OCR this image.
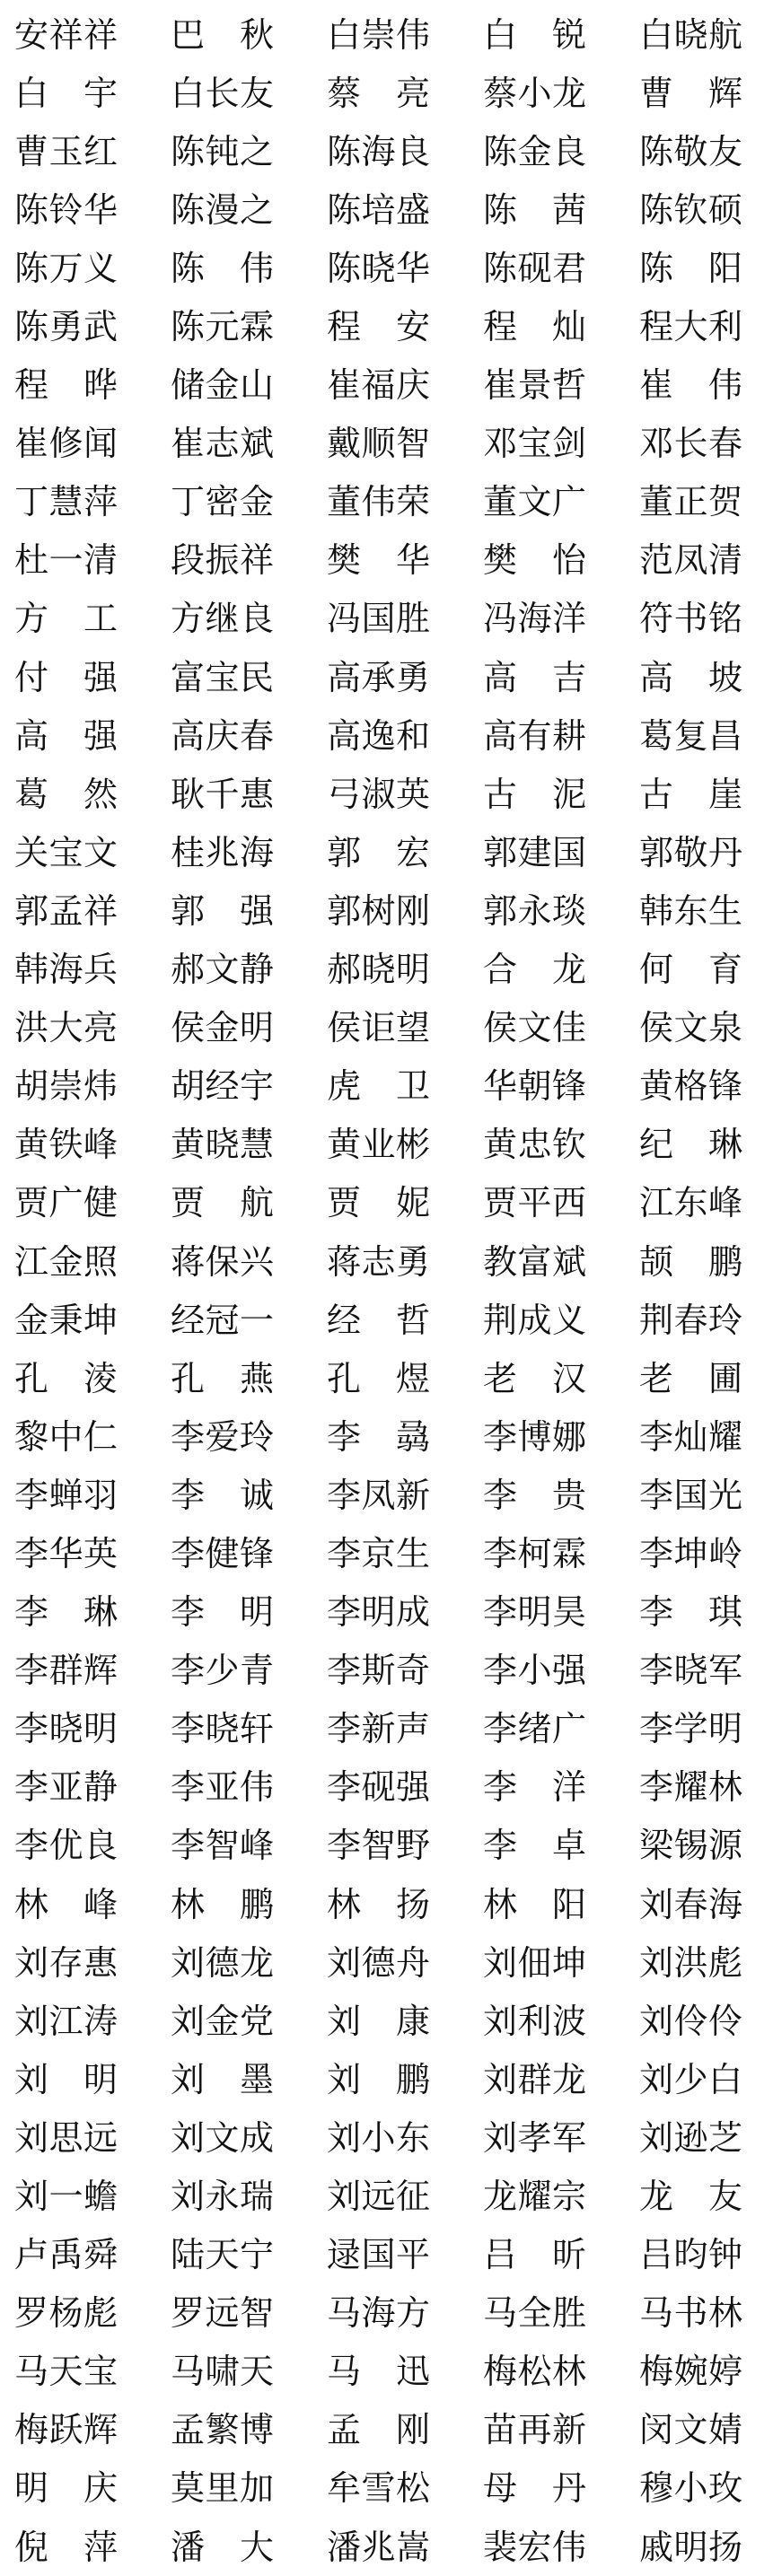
安祥祥	巴　秋	白崇伟	白　锐	白晓航
白　宇	白长友	蔡　亮	蔡小龙	曹　辉
曹玉红	陈钝之	陈海良	陈金良	陈敬友
陈铃华	陈漫之	陈培盛	陈　茜	陈钦硕
陈万义	陈　伟	陈晓华	陈砚君	陈　阳
陈勇武	陈元霖	程　安	程　灿	程大利
程　晔	储金山	崔福庆	崔景哲	崔　伟
崔修闻	崔志斌	戴顺智	邓宝剑	邓长春
丁慧萍	丁密金	董伟荣	董文广	董正贺
杜一清	段振祥	樊　华	樊　怡	范凤清
方　工	方继良	冯国胜	冯海洋	符书铭
付　强	富宝民	高承勇	高　吉	高　坡
高　强	高庆春	高逸和	高有耕	葛复昌
葛　然	耿千惠	弓淑英	古　泥	古　崖
关宝文	桂兆海	郭　宏	郭建国	郭敬丹
郭孟祥	郭　强	郭树刚	郭永琰	韩东生
韩海兵	郝文静	郝晓明	合　龙	何　育
洪大亮	侯金明	侯讵望	侯文佳	侯文泉
胡崇炜	胡经宇	虎　卫	华朝锋	黄格锋
黄铁峰	黄晓慧	黄业彬	黄忠钦	纪　琳
贾广健	贾　航	贾　妮	贾平西	江东峰
江金照	蒋保兴	蒋志勇	教富斌	颉　鹏
金秉坤	经冠一	经　哲	荆成义	荆春玲
孔　淩	孔　燕	孔　煜	老　汉	老　圃
黎中仁	李爱玲	李　骉	李博娜	李灿耀
李蝉羽	李　诚	李凤新	李　贵	李国光
李华英	李健锋	李京生	李柯霖	李坤岭
李　琳	李　明	李明成	李明昊	李　琪
李群辉	李少青	李斯奇	李小强	李晓军
李晓明	李晓轩	李新声	李绪广	李学明
李亚静	李亚伟	李砚强	李　洋	李耀林
李优良	李智峰	李智野	李　卓	梁锡源
林　峰	林　鹏	林　扬	林　阳	刘春海
刘存惠	刘德龙	刘德舟	刘佃坤	刘洪彪
刘江涛	刘金党	刘　康	刘利波	刘伶伶
刘　明	刘　墨	刘　鹏	刘群龙	刘少白
刘思远	刘文成	刘小东	刘孝军	刘逊芝
刘一蟾	刘永瑞	刘远征	龙耀宗	龙　友
卢禹舜	陆天宁	逯国平	吕　昕	吕昀钟
罗杨彪	罗远智	马海方	马全胜	马书林
马天宝	马啸天	马　迅	梅松林	梅婉婷
梅跃辉	孟繁博	孟　刚	苗再新	闵文婧
明　庆	莫里加	牟雪松	母　丹	穆小玫
倪　萍	潘　大	潘兆嵩	裴宏伟	戚明扬
